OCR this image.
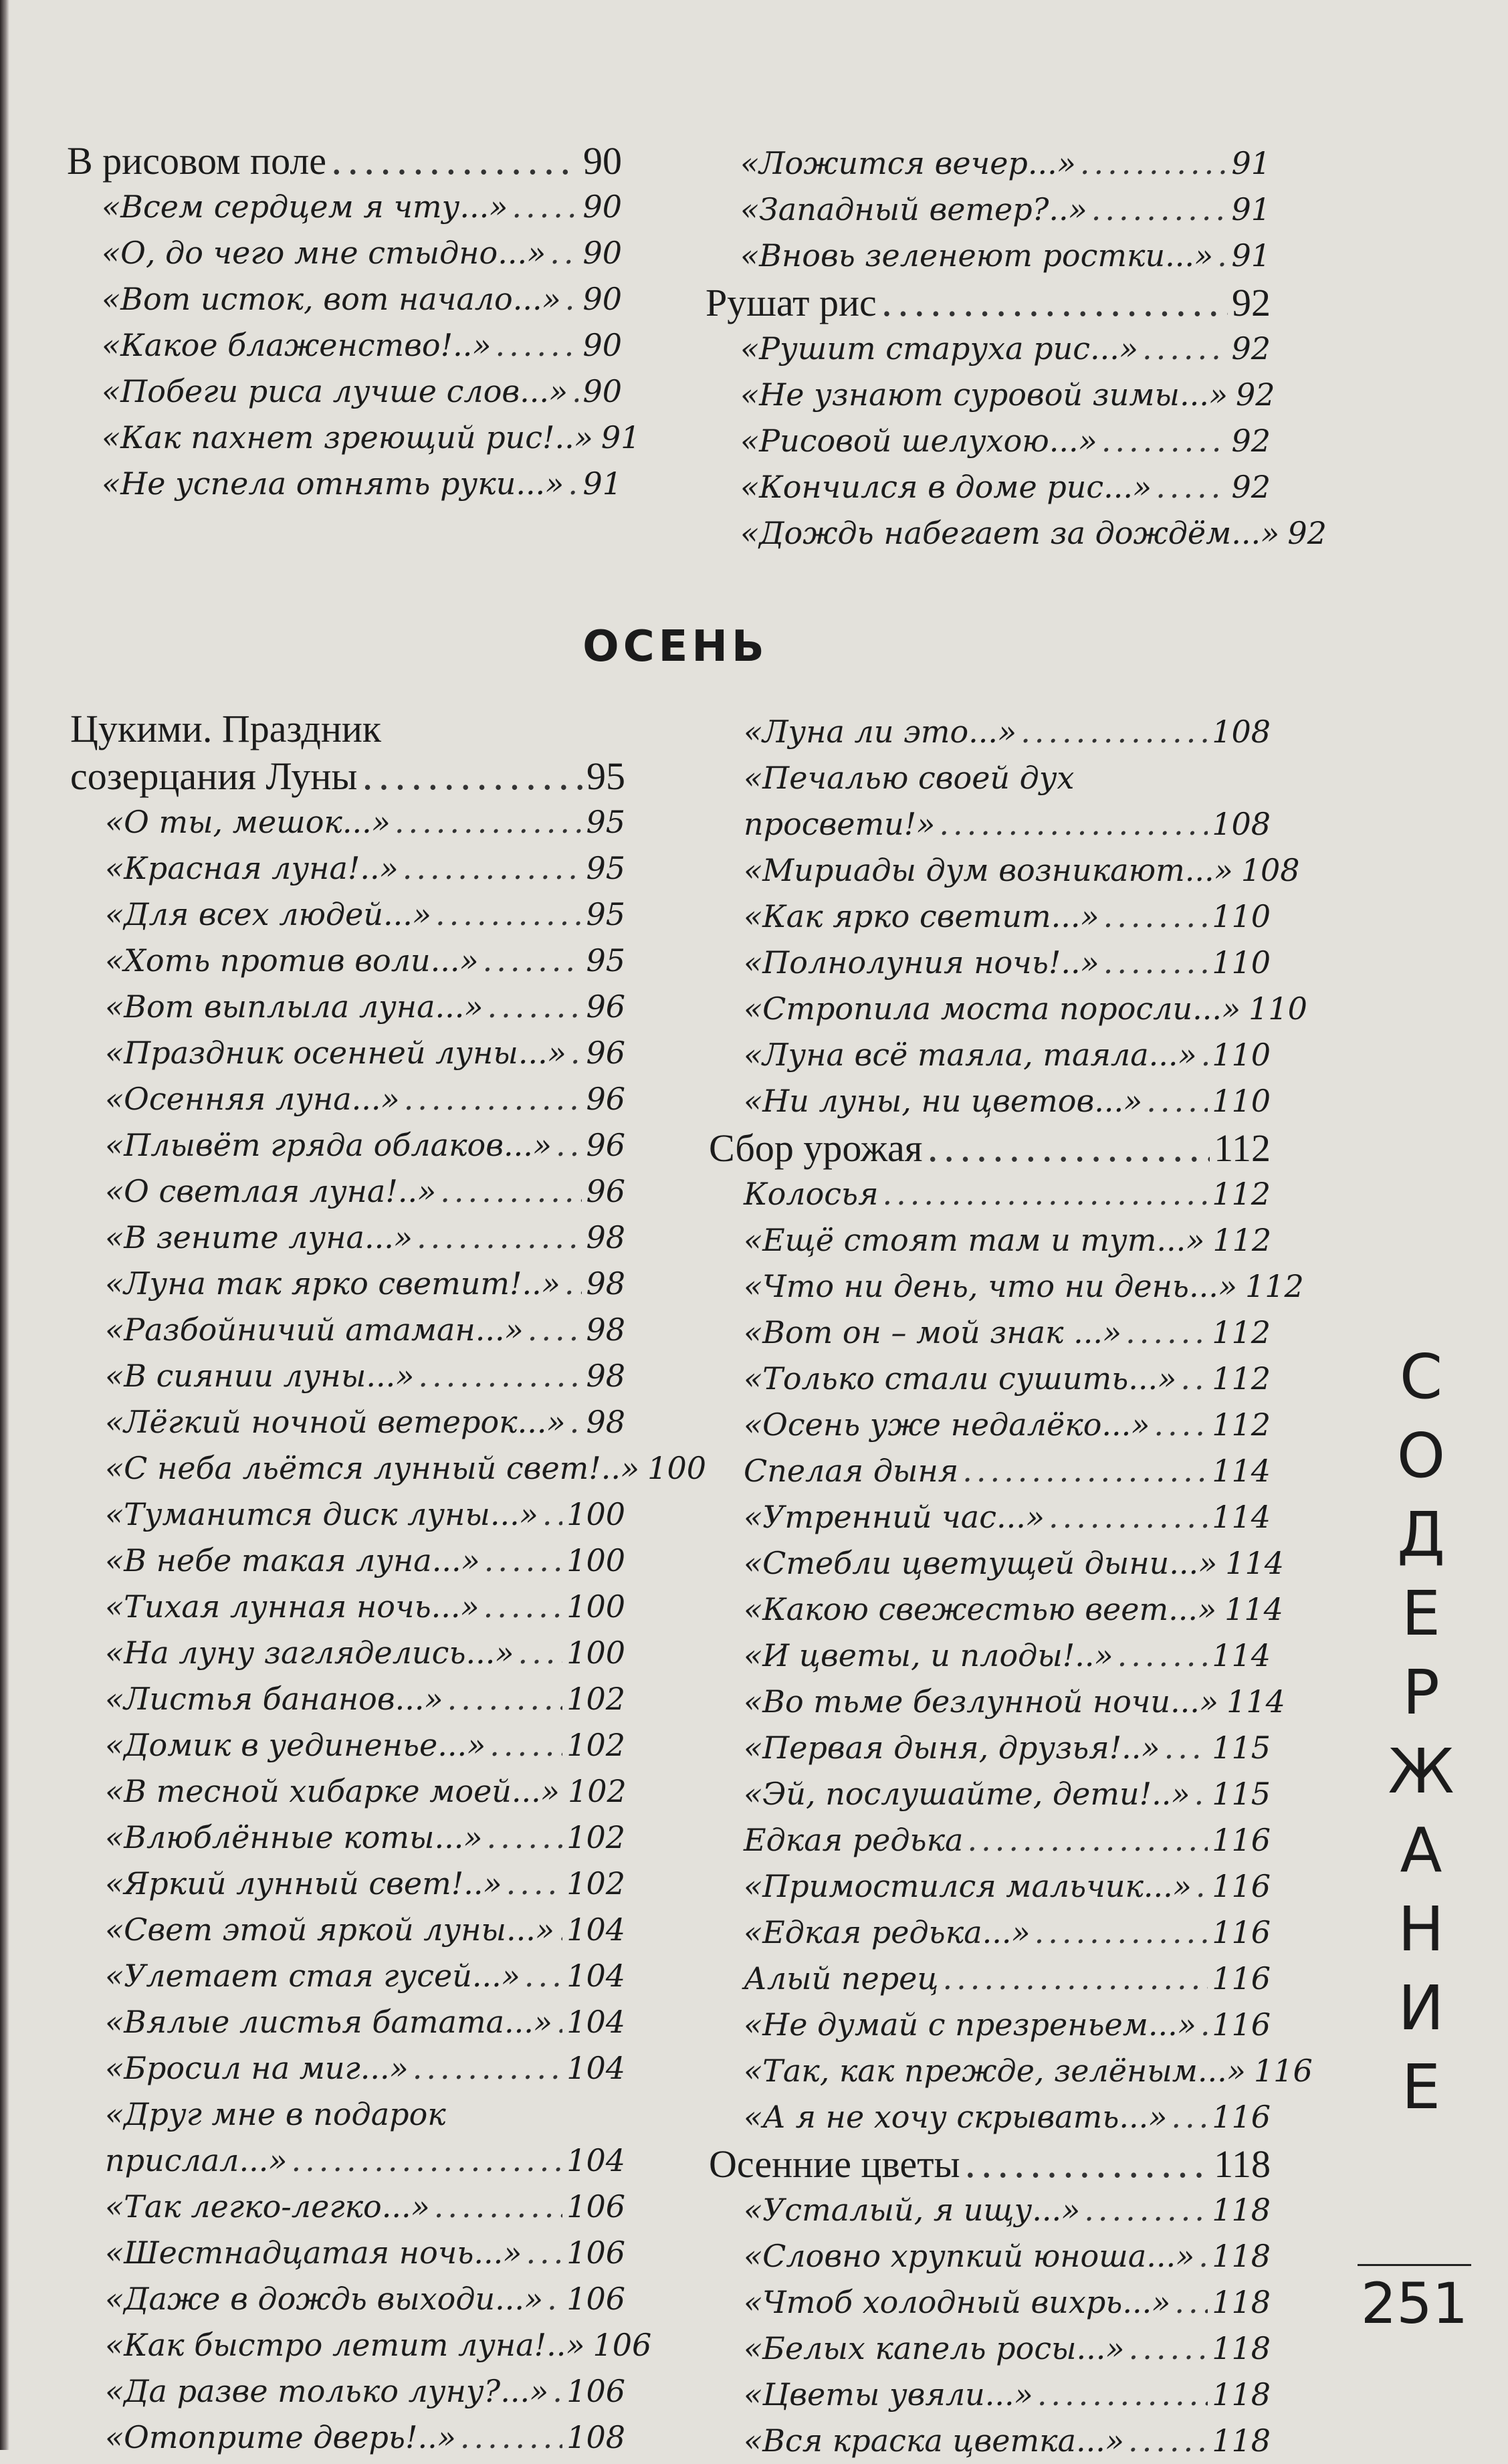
В рисовом поле .....	90
«Всем сердцем я чту...» ..... 90
«О, до чего мне стыдно...» ..... 90
«Вот исток, вот начало...» ..... 90
«Какое блаженство!..» .....	90
«Побеги риса лучше слов...» ..... 90
«Как пахнет зреющий рис!..» 91
«Не успела отнять руки...» ..... 91
«Ложится вечер...» .....	91
«Западный ветер?..» .....	91
«Вновь зеленеют ростки...» ..... 91
Рушат рис .....	92
«Рушит старуха рис...» .....	92
«Не узнают суровой зимы...» 92
«Рисовой шелухою...» .....	92
«Кончился в доме рис...» .....	92
«Дождь набегает за дождём...» 92
ОСЕНЬ
Цукими. Праздник
созерцания Луны .....	95
«О ты, мешок...» .....	95
«Красная луна!..» .....	95
«Для всех людей...» .....	95
«Хоть против воли...» .....	95
«Вот выплыла луна...» .....	96
«Праздник осенней луны...» ..... 96
«Осенняя луна...» .....	96
«Плывёт гряда облаков...» ..... 96
«О светлая луна!..» .....	96
«В зените луна...» .....	98
«Луна так ярко светит!..» ..... 98
«Разбойничий атаман...» ..... 98
«В сиянии луны...» .....	98
«Лёгкий ночной ветерок...» ..... 98
«С неба льётся лунный свет!..» 100
«Туманится диск луны...» ..... 100
«В небе такая луна...» .....	100
«Тихая лунная ночь...» .....	100
«На луну загляделись...» ..... 100
«Листья бананов...» .....	102
«Домик в уединенье...» .....	102
«В тесной хибарке моей...» 102
«Влюблённые коты...» .....	102
«Яркий лунный свет!..» ..... 102
«Свет этой яркой луны...» ..... 104
«Улетает стая гусей...» ..... 104
«Вялые листья батата...» ..... 104
«Бросил на миг...» .....	104
«Друг мне в подарок
прислал...» .....	104
«Так легко-легко...» .....	106
«Шестнадцатая ночь...» ..... 106
«Даже в дождь выходи...» ..... 106
«Как быстро летит луна!..» 106
«Да разве только луну?...» ..... 106
«Отоприте дверь!..» .....	108
«Луна ли это...» .....	108
«Печалью своей дух
просвети!» .....	108
«Мириады дум возникают...» 108
«Как ярко светит...» .....	110
«Полнолуния ночь!..» .....	110
«Стропила моста поросли...» 110
«Луна всё таяла, таяла...» ..... 110
«Ни луны, ни цветов...» ..... 110
Сбор урожая .....	112
Колосья .....	112
«Ещё стоят там и тут...» 112
«Что ни день, что ни день...» 112
«Вот он – мой знак ...» .....	112
«Только стали сушить...» ..... 112
«Осень уже недалёко...» ..... 112
Спелая дыня .....	114
«Утренний час...» .....	114
«Стебли цветущей дыни...» 114
«Какою свежестью веет...» 114
«И цветы, и плоды!..» .....	114
«Во тьме безлунной ночи...» 114
«Первая дыня, друзья!..» ..... 115
«Эй, послушайте, дети!..» ..... 115
Едкая редька .....	116
«Примостился мальчик...» ..... 116
«Едкая редька...» .....	116
Алый перец .....	116
«Не думай с презреньем...» ..... 116
«Так, как прежде, зелёным...» 116
«А я не хочу скрывать...» ..... 116
Осенние цветы .....	118
«Усталый, я ищу...» .....	118
«Словно хрупкий юноша...» ..... 118
«Чтоб холодный вихрь...» ..... 118
«Белых капель росы...» .....	118
«Цветы увяли...» .....	118
«Вся краска цветка...» .....	118
С
О
Д
Е
Р
Ж
А
Н
И
Е
251
